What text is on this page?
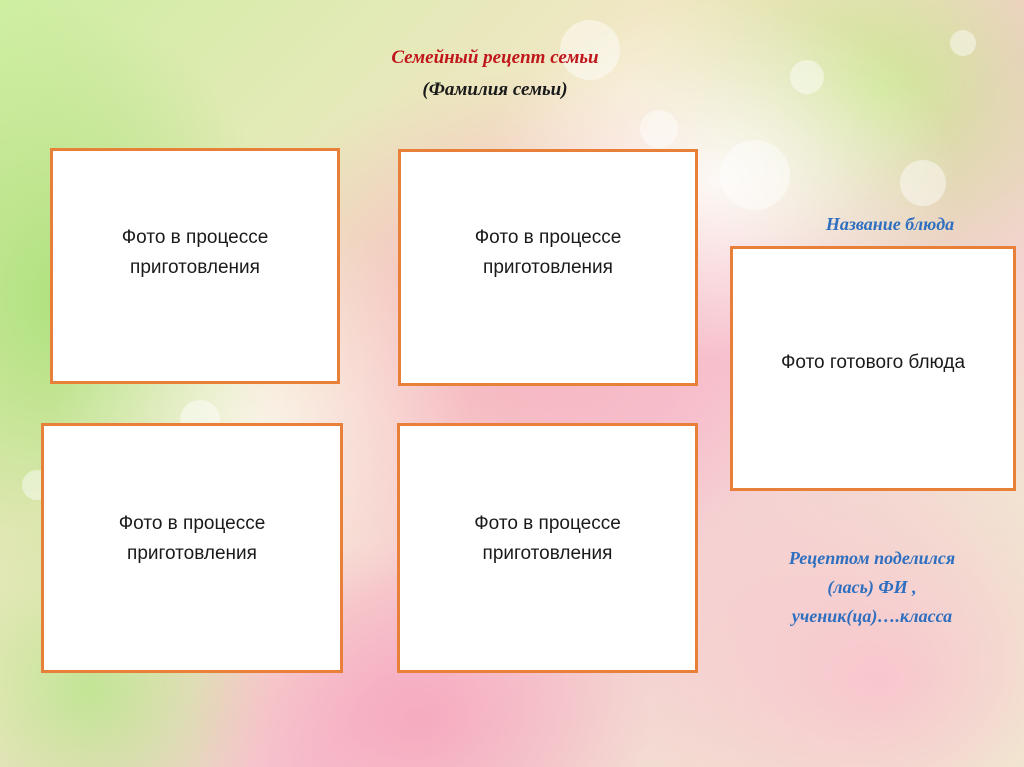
Семейный рецепт семьи
(Фамилия семьи)
Фото в процессе
приготовления
Фото в процессе
приготовления
Фото в процессе
приготовления
Фото в процессе
приготовления
Фото готового блюда
Название блюда
Рецептом поделился
(лась) ФИ ,
ученик(ца)….класса
